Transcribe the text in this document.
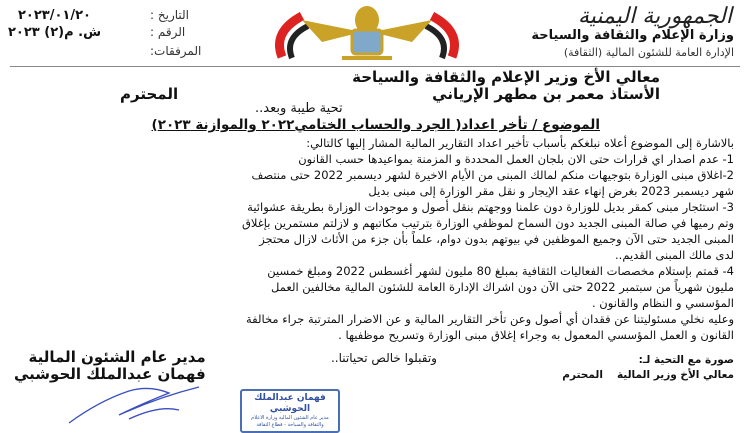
الجمهورية اليمنية
وزارة الإعلام والثقافة والسياحة
الإدارة العامة للشئون المالية (الثقافة)
التاريخ :
٢٠٢٣/٠١/٢٠
الرقم :
ش. م(٢) ٢٠٢٣
المرفقات:
معالي الأخ وزير الإعلام والثقافة والسياحة
الأستاذ معمر بن مطهر الإرياني
المحترم
تحية طيبة وبعد..
الموضوع / تأخر اعداد( الجرد والحساب الختامي٢٠٢٢ والموازنة ٢٠٢٣)
بالاشارة إلى الموضوع أعلاه نبلغكم بأسباب تأخير اعداد التقارير المالية المشار إليها كالتالي:
1- عدم اصدار اي قرارات حتى الان بلجان العمل المحددة و المزمنة بمواعيدها حسب القانون
2-اغلاق مبنى الوزارة بتوجيهات منكم لمالك المبنى من الأيام الاخيرة لشهر ديسمبر 2022 حتى منتصف
شهر ديسمبر 2023 بغرض إنهاء عقد الإيجار و نقل مقر الوزارة إلى مبنى بديل
3- استئجار مبنى كمقر بديل للوزارة دون علمنا ووجهتم بنقل أصول و موجودات الوزارة بطريقة عشوائية
وتم رميها في صالة المبنى الجديد دون السماح لموظفي الوزارة بترتيب مكاتبهم و لازلتم مستمرين بإغلاق
المبنى الجديد حتى الآن وجميع الموظفين في بيوتهم بدون دوام، علماً بأن جزء من الأثاث لازال محتجز
لدى مالك المبنى القديم..
4- قمتم بإستلام مخصصات الفعاليات الثقافية بمبلغ 80 مليون لشهر أغسطس 2022 ومبلغ خمسين
مليون شهرياً من سبتمبر 2022 حتى الآن دون اشراك الإدارة العامة للشئون المالية مخالفين العمل
المؤسسي و النظام والقانون .
وعليه نخلي مسئوليتنا عن فقدان أي أصول وعن تأخر التقارير المالية و عن الاضرار المترتبة جراء مخالفة
القانون و العمل المؤسسي المعمول به وجراء إغلاق مبنى الوزارة وتسريح موظفيها .
صورة مع التحية لـ:
معالي الأخ وزير المالية
المحترم
وتقبلوا خالص تحياتنا..
مدير عام الشئون المالية
فهمان عبدالملك الحوشبي
فهمان عبدالملك الحوشبي
مدير عام الشئون المالية وزارة الاعلام
والثقافة والسياحة - قطاع الثقافة
